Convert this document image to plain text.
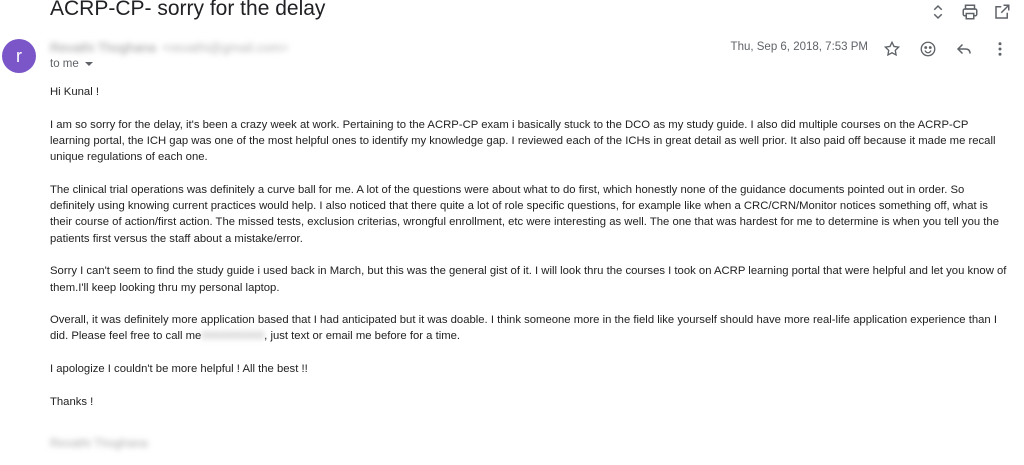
ACRP-CP- sorry for the delay
r	Revathi Thoghana <revathi@gmail.com>
to me
Thu, Sep 6, 2018, 7:53 PM

Hi Kunal !

I am so sorry for the delay, it's been a crazy week at work. Pertaining to the ACRP-CP exam i basically stuck to the DCO as my study guide. I also did multiple courses on the ACRP-CP learning portal, the ICH gap was one of the most helpful ones to identify my knowledge gap. I reviewed each of the ICHs in great detail as well prior. It also paid off because it made me recall unique regulations of each one.

The clinical trial operations was definitely a curve ball for me. A lot of the questions were about what to do first, which honestly none of the guidance documents pointed out in order. So definitely using knowing current practices would help. I also noticed that there quite a lot of role specific questions, for example like when a CRC/CRN/Monitor notices something off, what is their course of action/first action. The missed tests, exclusion criterias, wrongful enrollment, etc were interesting as well. The one that was hardest for me to determine is when you tell you the patients first versus the staff about a mistake/error.

Sorry I can't seem to find the study guide i used back in March, but this was the general gist of it. I will look thru the courses I took on ACRP learning portal that were helpful and let you know of them.I'll keep looking thru my personal laptop.

Overall, it was definitely more application based that I had anticipated but it was doable. I think someone more in the field like yourself should have more real-life application experience than I did. Please feel free to call me9999999999, just text or email me before for a time.

I apologize I couldn't be more helpful ! All the best !!

Thanks !

Revathi Thoghana
